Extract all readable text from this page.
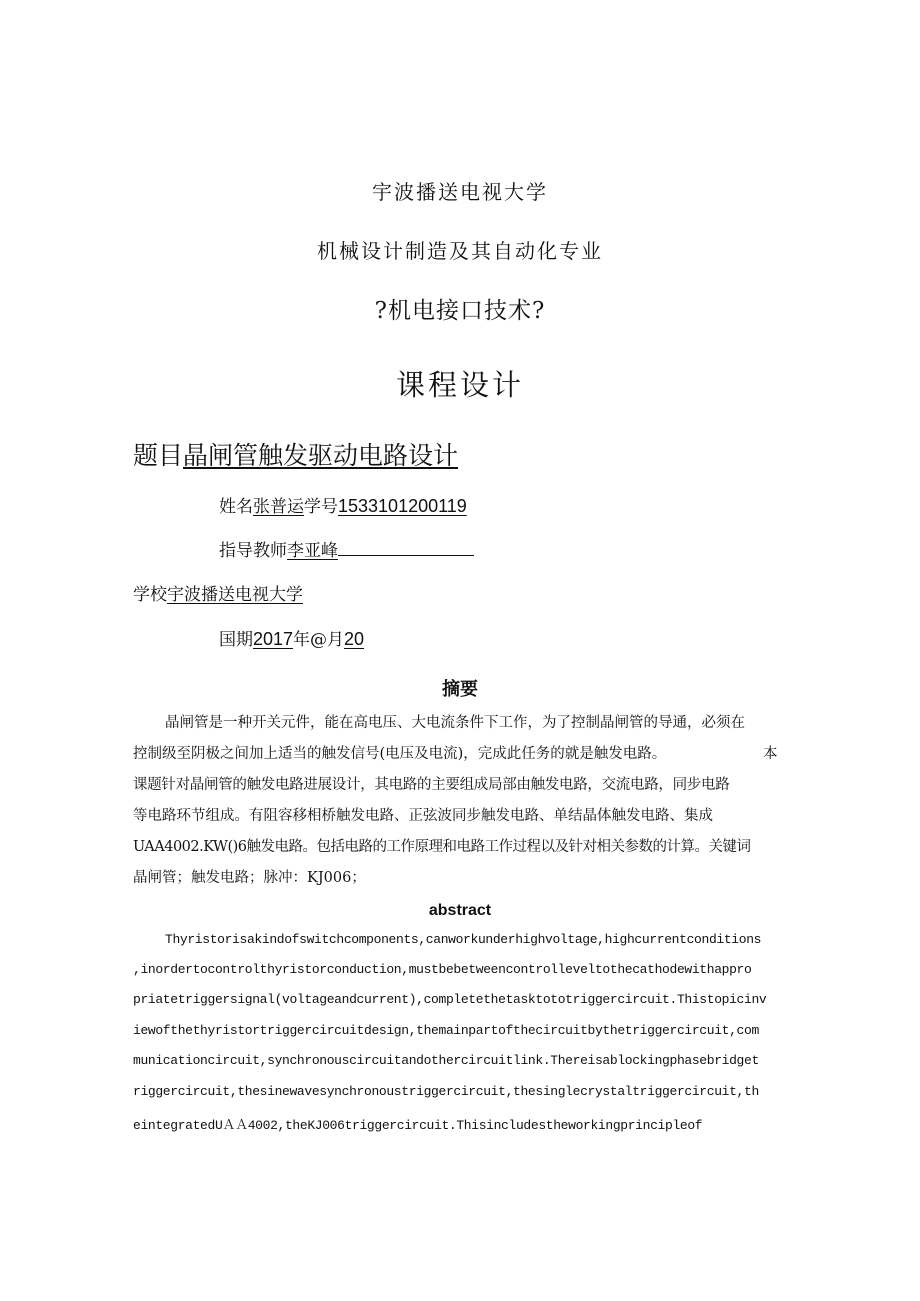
宇波播送电视大学
机械设计制造及其自动化专业
?机电接口技术?
课程设计
题目晶闸管触发驱动电路设计
姓名张普运学号1533101200119
指导教师李亚峰
学校宇波播送电视大学
国期2017年@月20
摘要
晶闸管是一种开关元件，能在高电压、大电流条件下工作，为了控制晶闸管的导通，必须在
控制级至阴极之间加上适当的触发信号(电压及电流)，完成此任务的就是触发电路。	本
课题针对晶闸管的触发电路进展设计，其电路的主要组成局部由触发电路，交流电路，同步电路
等电路环节组成。有阻容移相桥触发电路、正弦波同步触发电路、单结晶体触发电路、集成
UAA4002.KW()6触发电路。包括电路的工作原理和电路工作过程以及针对相关参数的计算。关键词
晶闸管；触发电路；脉冲：KJ006；
abstract
Thyristorisakindofswitchcomponents,canworkunderhighvoltage,highcurrentconditions
,inordertocontrolthyristorconduction,mustbebetweencontrolleveltothecathodewithappro
priatetriggersignal(voltageandcurrent),completethetasktototriggercircuit.Thistopicinv
iewofthethyristortriggercircuitdesign,themainpartofthecircuitbythetriggercircuit,com
municationcircuit,synchronouscircuitandothercircuitlink.Thereisablockingphasebridget
riggercircuit,thesinewavesynchronoustriggercircuit,thesinglecrystaltriggercircuit,th
eintegratedUＡＡ4002,theKJ006triggercircuit.Thisincludestheworkingprincipleof
